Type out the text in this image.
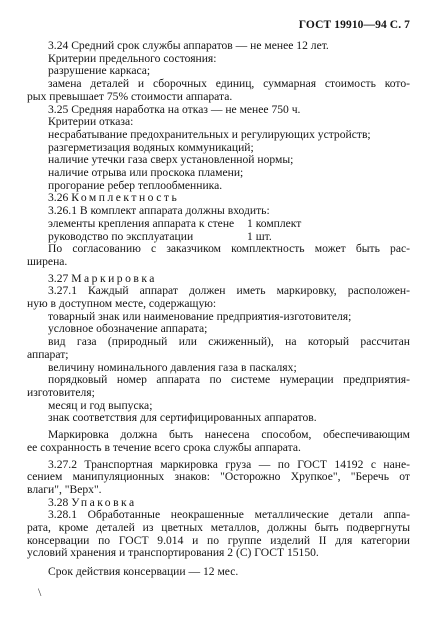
ГОСТ 19910—94 С. 7

3.24 Средний срок службы аппаратов — не менее 12 лет.

Критерии предельного состояния:

разрушение каркаса;

замена деталей и сборочных единиц, суммарная стоимость кото-

рых превышает 75% стоимости аппарата.

3.25 Средняя наработка на отказ — не менее 750 ч.

Критерии отказа:

несрабатывание предохранительных и регулирующих устройств;

разгерметизация водяных коммуникаций;

наличие утечки газа сверх установленной нормы;

наличие отрыва или проскока пламени;

прогорание ребер теплообменника.

3.26 Комплектность

3.26.1 В комплект аппарата должны входить:

элементы крепления аппарата к стене	1 комплект
руководство по эксплуатации	1 шт.

По согласованию с заказчиком комплектность может быть рас-

ширена.

3.27 Маркировка

3.27.1 Каждый аппарат должен иметь маркировку, расположен-

ную в доступном месте, содержащую:

товарный знак или наименование предприятия-изготовителя;

условное обозначение аппарата;

вид газа (природный или сжиженный), на который рассчитан

аппарат;

величину номинального давления газа в паскалях;

порядковый номер аппарата по системе нумерации предприятия-

изготовителя;

месяц и год выпуска;

знак соответствия для сертифицированных аппаратов.

Маркировка должна быть нанесена способом, обеспечивающим

ее сохранность в течение всего срока службы аппарата.

3.27.2 Транспортная маркировка груза — по ГОСТ 14192 с нане-

сением манипуляционных знаков: "Осторожно Хрупкое", "Беречь от

влаги", "Верх".

3.28 Упаковка

3.28.1 Обработанные неокрашенные металлические детали аппа-

рата, кроме деталей из цветных металлов, должны быть подвергнуты

консервации по ГОСТ 9.014 и по группе изделий II для категории

условий хранения и транспортирования 2 (С) ГОСТ 15150.

Срок действия консервации — 12 мес.

\
